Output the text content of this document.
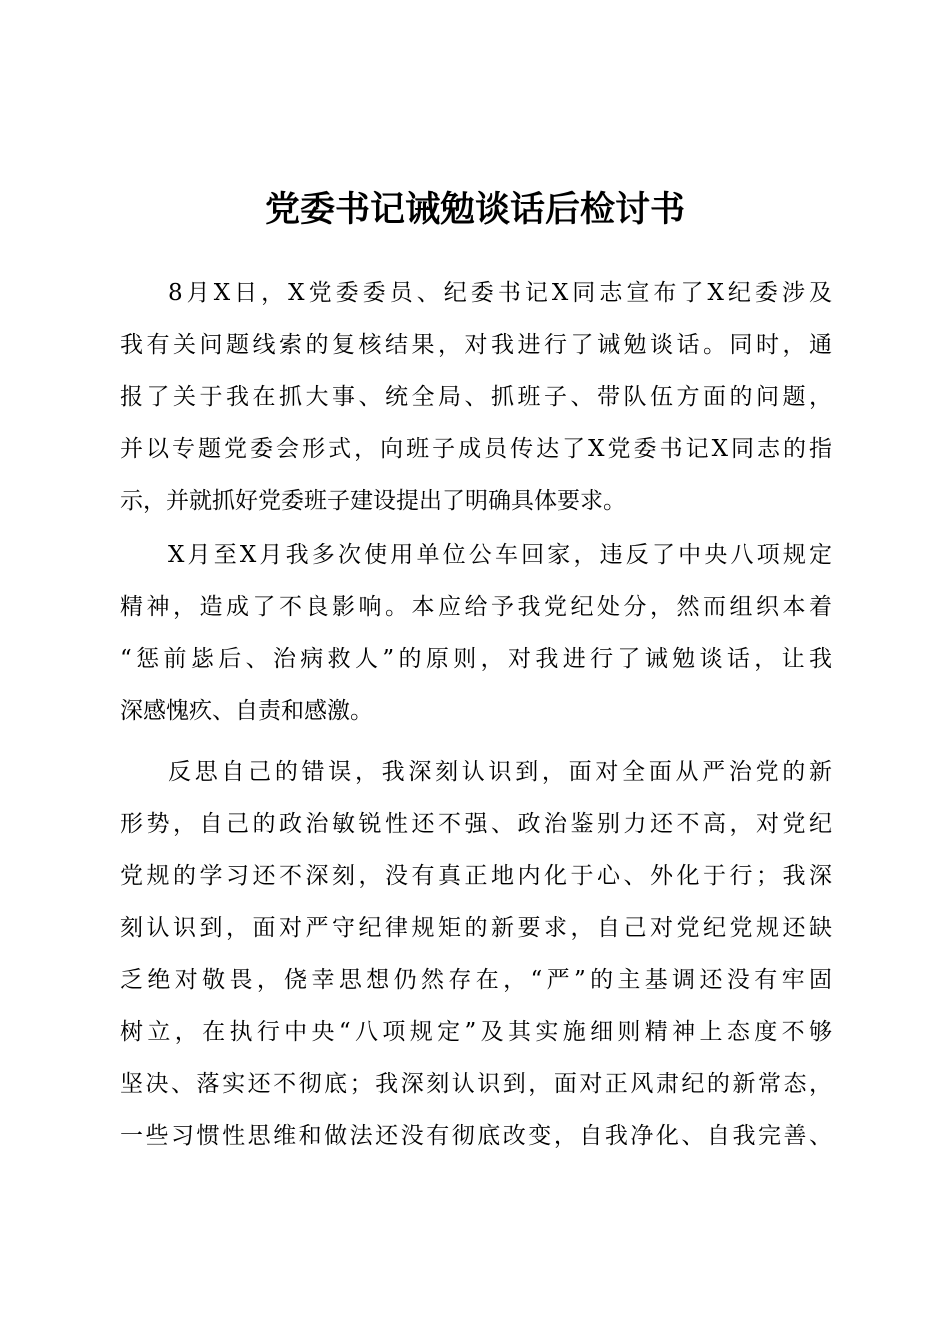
党委书记诫勉谈话后检讨书
8月X日，X党委委员、纪委书记X同志宣布了X纪委涉及
我有关问题线索的复核结果，对我进行了诫勉谈话。同时，通
报了关于我在抓大事、统全局、抓班子、带队伍方面的问题，
并以专题党委会形式，向班子成员传达了X党委书记X同志的指
示，并就抓好党委班子建设提出了明确具体要求。
X月至X月我多次使用单位公车回家，违反了中央八项规定
精神，造成了不良影响。本应给予我党纪处分，然而组织本着
“惩前毖后、治病救人”的原则，对我进行了诫勉谈话，让我
深感愧疚、自责和感激。
反思自己的错误，我深刻认识到，面对全面从严治党的新
形势，自己的政治敏锐性还不强、政治鉴别力还不高，对党纪
党规的学习还不深刻，没有真正地内化于心、外化于行；我深
刻认识到，面对严守纪律规矩的新要求，自己对党纪党规还缺
乏绝对敬畏，侥幸思想仍然存在，“严”的主基调还没有牢固
树立，在执行中央“八项规定”及其实施细则精神上态度不够
坚决、落实还不彻底；我深刻认识到，面对正风肃纪的新常态，
一些习惯性思维和做法还没有彻底改变，自我净化、自我完善、
